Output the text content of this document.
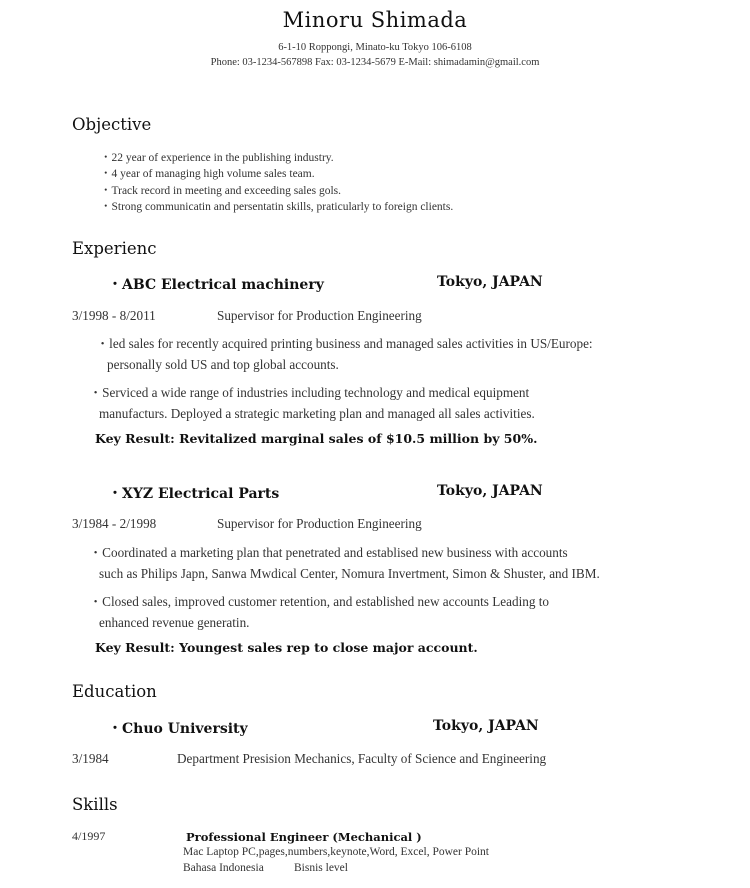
Minoru Shimada
6-1-10 Roppongi, Minato-ku Tokyo 106-6108
Phone: 03-1234-567898 Fax: 03-1234-5679 E-Mail: shimadamin@gmail.com
Objective
・22 year of experience in the publishing industry.
・4 year of managing high volume sales team.
・Track record in meeting and exceeding sales gols.
・Strong communicatin and persentatin skills, praticularly to foreign clients.
Experienc
・ABC Electrical machinery	Tokyo, JAPAN
3/1998 - 8/2011	Supervisor for Production Engineering
・led sales for recently acquired printing business and managed sales activities in US/Europe:
personally sold US and top global accounts.
・Serviced a wide range of industries including technology and medical equipment
manufacturs. Deployed a strategic marketing plan and managed all sales activities.
Key Result: Revitalized marginal sales of $10.5 million by 50%.
・XYZ Electrical Parts	Tokyo, JAPAN
3/1984 - 2/1998	Supervisor for Production Engineering
・Coordinated a marketing plan that penetrated and establised new business with accounts
such as Philips Japn, Sanwa Mwdical Center, Nomura Invertment, Simon & Shuster, and IBM.
・Closed sales, improved customer retention, and established new accounts Leading to
enhanced revenue generatin.
Key Result: Youngest sales rep to close major account.
Education
・Chuo University	Tokyo, JAPAN
3/1984	Department Presision Mechanics, Faculty of Science and Engineering
Skills
4/1997	Professional Engineer (Mechanical )
Mac Laptop PC,pages,numbers,keynote,Word, Excel, Power Point
Bahasa Indonesia	Bisnis level
